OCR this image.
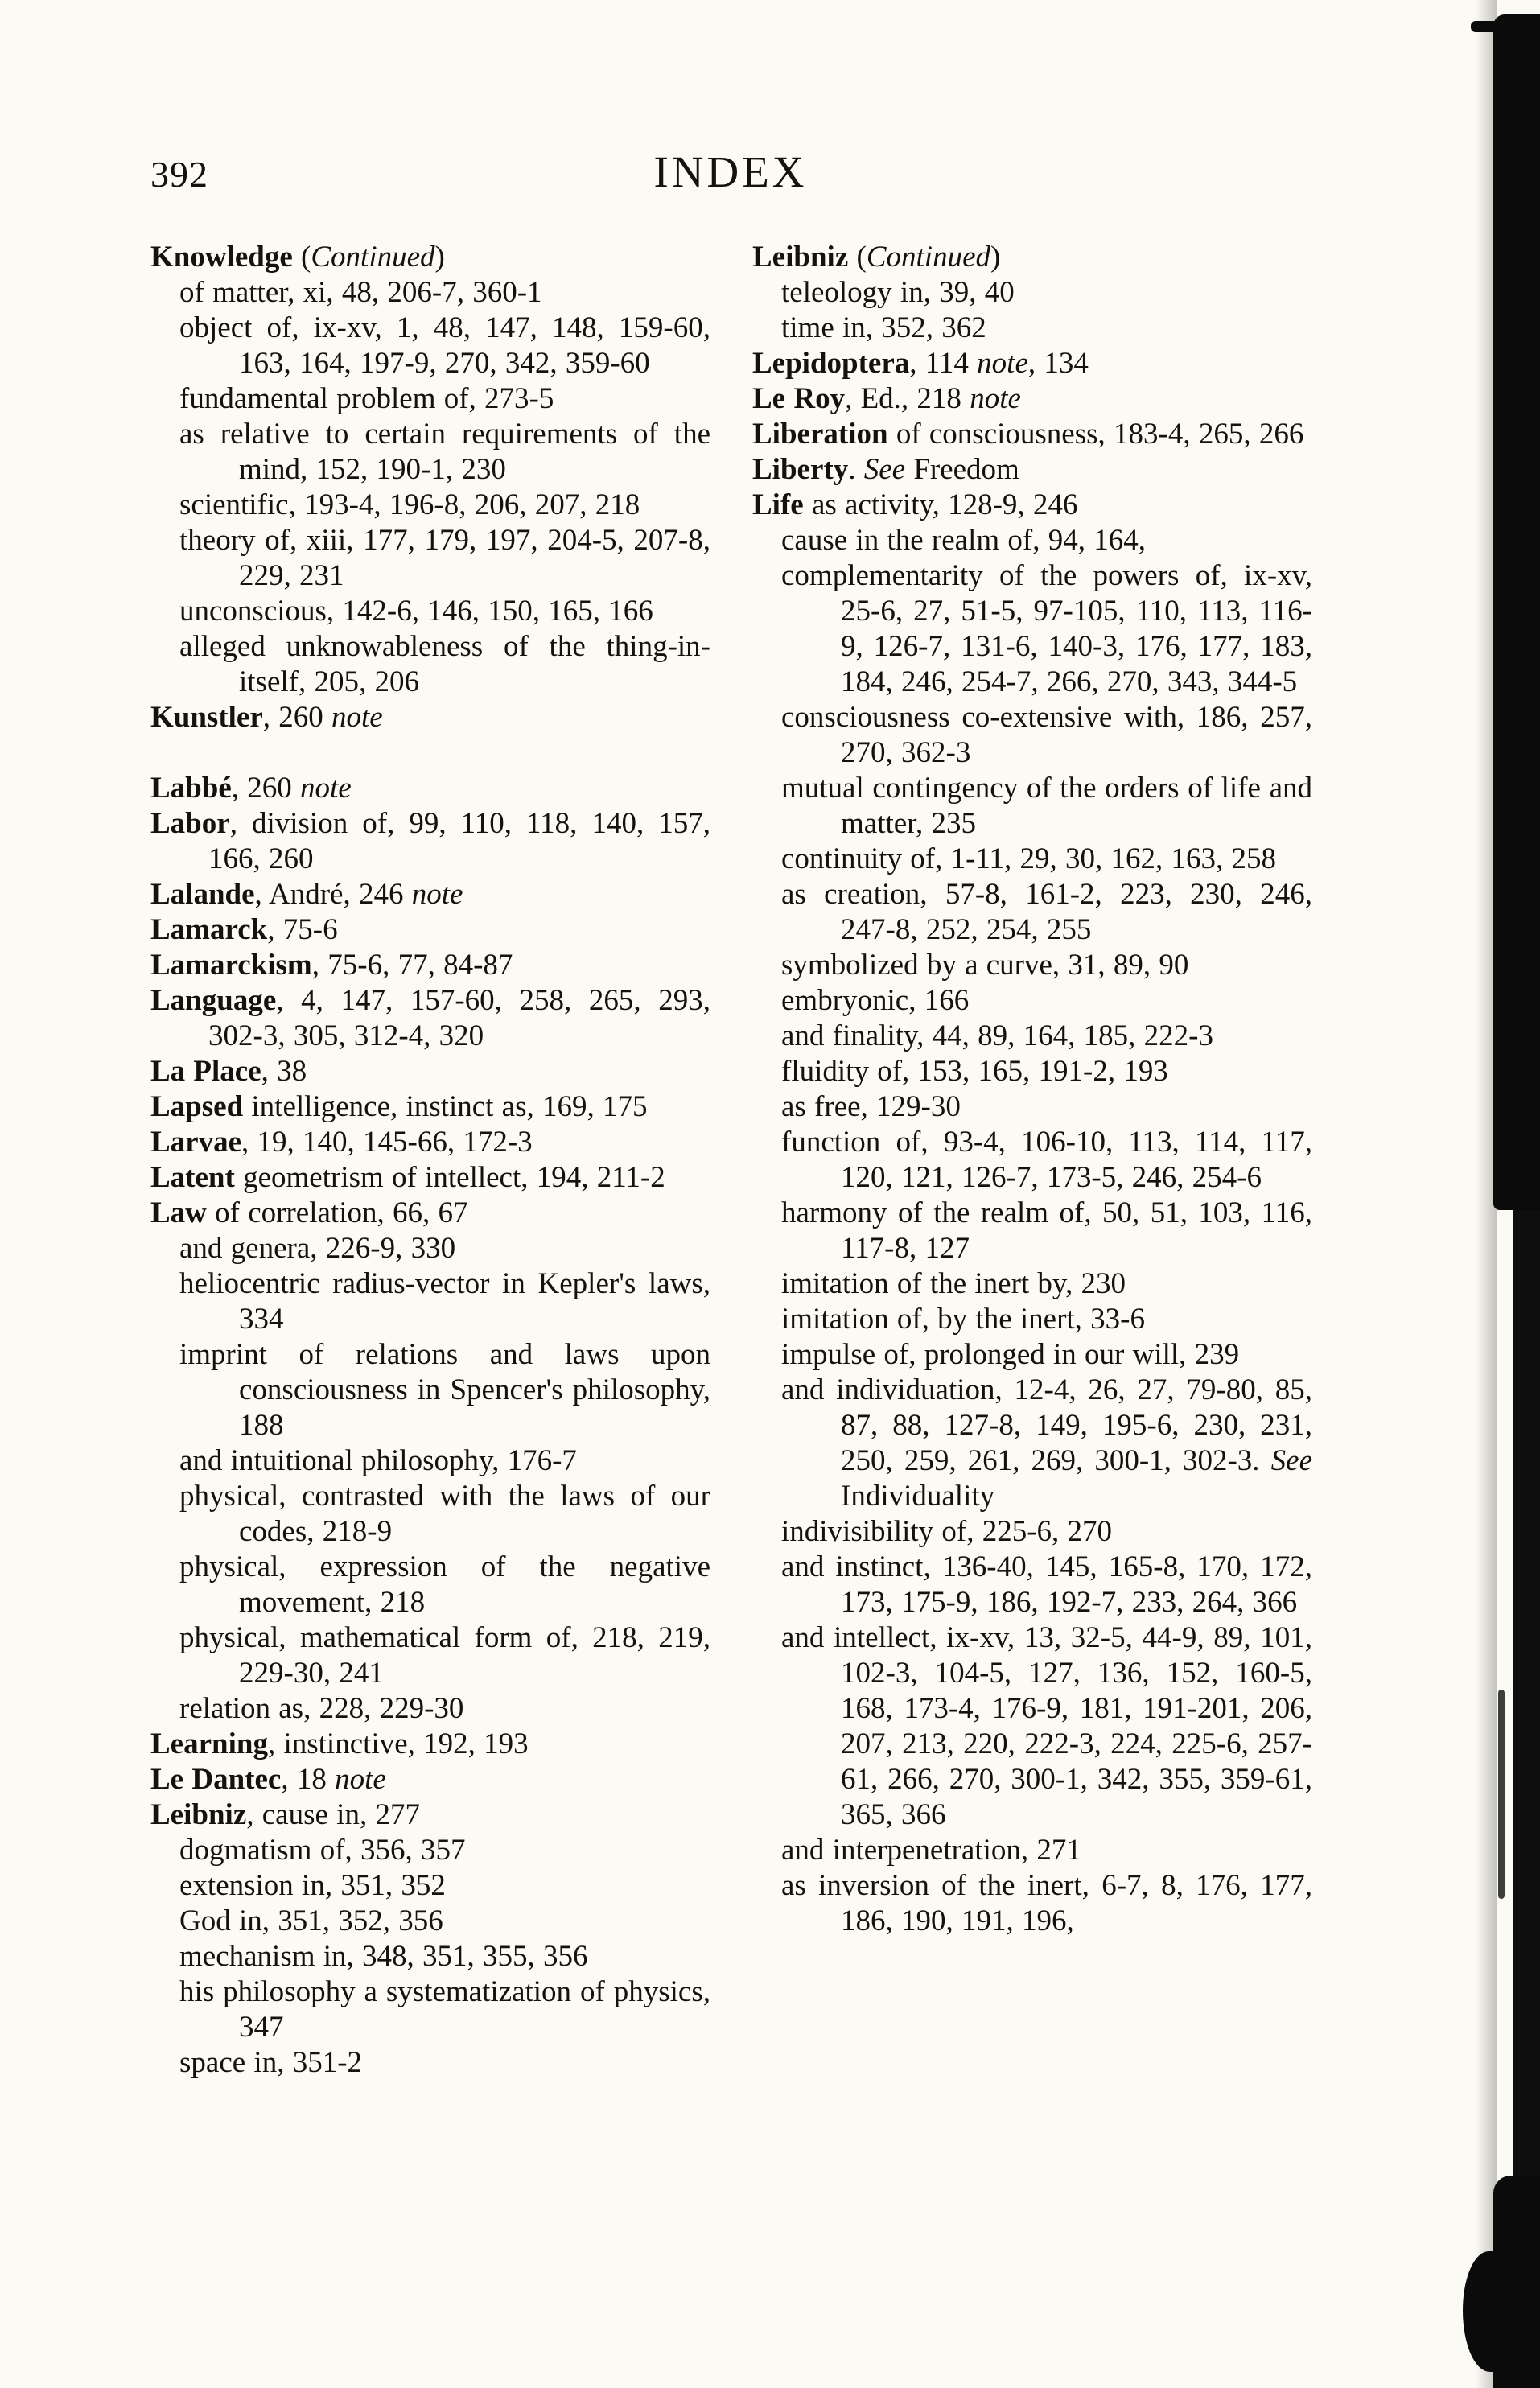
392	INDEX

Knowledge (Continued)

of matter, xi, 48, 206-7, 360-1

object of, ix-xv, 1, 48, 147, 148, 159-60, 163, 164, 197-9, 270, 342, 359-60

fundamental problem of, 273-5

as relative to certain requirements of the mind, 152, 190-1, 230

scientific, 193-4, 196-8, 206, 207, 218

theory of, xiii, 177, 179, 197, 204-5, 207-8, 229, 231

unconscious, 142-6, 146, 150, 165, 166

alleged unknowableness of the thing-in-itself, 205, 206

Kunstler, 260 note

Labbé, 260 note

Labor, division of, 99, 110, 118, 140, 157, 166, 260

Lalande, André, 246 note

Lamarck, 75-6

Lamarckism, 75-6, 77, 84-87

Language, 4, 147, 157-60, 258, 265, 293, 302-3, 305, 312-4, 320

La Place, 38

Lapsed intelligence, instinct as, 169, 175

Larvae, 19, 140, 145-66, 172-3

Latent geometrism of intellect, 194, 211-2

Law of correlation, 66, 67

and genera, 226-9, 330

heliocentric radius-vector in Kepler's laws, 334

imprint of relations and laws upon consciousness in Spencer's philosophy, 188

and intuitional philosophy, 176-7

physical, contrasted with the laws of our codes, 218-9

physical, expression of the negative movement, 218

physical, mathematical form of, 218, 219, 229-30, 241

relation as, 228, 229-30

Learning, instinctive, 192, 193

Le Dantec, 18 note

Leibniz, cause in, 277

dogmatism of, 356, 357

extension in, 351, 352

God in, 351, 352, 356

mechanism in, 348, 351, 355, 356

his philosophy a systematization of physics, 347

space in, 351-2

Leibniz (Continued)

teleology in, 39, 40

time in, 352, 362

Lepidoptera, 114 note, 134

Le Roy, Ed., 218 note

Liberation of consciousness, 183-4, 265, 266

Liberty. See Freedom

Life as activity, 128-9, 246

cause in the realm of, 94, 164,

complementarity of the powers of, ix-xv, 25-6, 27, 51-5, 97-105, 110, 113, 116-9, 126-7, 131-6, 140-3, 176, 177, 183, 184, 246, 254-7, 266, 270, 343, 344-5

consciousness co-extensive with, 186, 257, 270, 362-3

mutual contingency of the orders of life and matter, 235

continuity of, 1-11, 29, 30, 162, 163, 258

as creation, 57-8, 161-2, 223, 230, 246, 247-8, 252, 254, 255

symbolized by a curve, 31, 89, 90

embryonic, 166

and finality, 44, 89, 164, 185, 222-3

fluidity of, 153, 165, 191-2, 193

as free, 129-30

function of, 93-4, 106-10, 113, 114, 117, 120, 121, 126-7, 173-5, 246, 254-6

harmony of the realm of, 50, 51, 103, 116, 117-8, 127

imitation of the inert by, 230

imitation of, by the inert, 33-6

impulse of, prolonged in our will, 239

and individuation, 12-4, 26, 27, 79-80, 85, 87, 88, 127-8, 149, 195-6, 230, 231, 250, 259, 261, 269, 300-1, 302-3. See Individuality

indivisibility of, 225-6, 270

and instinct, 136-40, 145, 165-8, 170, 172, 173, 175-9, 186, 192-7, 233, 264, 366

and intellect, ix-xv, 13, 32-5, 44-9, 89, 101, 102-3, 104-5, 127, 136, 152, 160-5, 168, 173-4, 176-9, 181, 191-201, 206, 207, 213, 220, 222-3, 224, 225-6, 257-61, 266, 270, 300-1, 342, 355, 359-61, 365, 366

and interpenetration, 271

as inversion of the inert, 6-7, 8, 176, 177, 186, 190, 191, 196,
